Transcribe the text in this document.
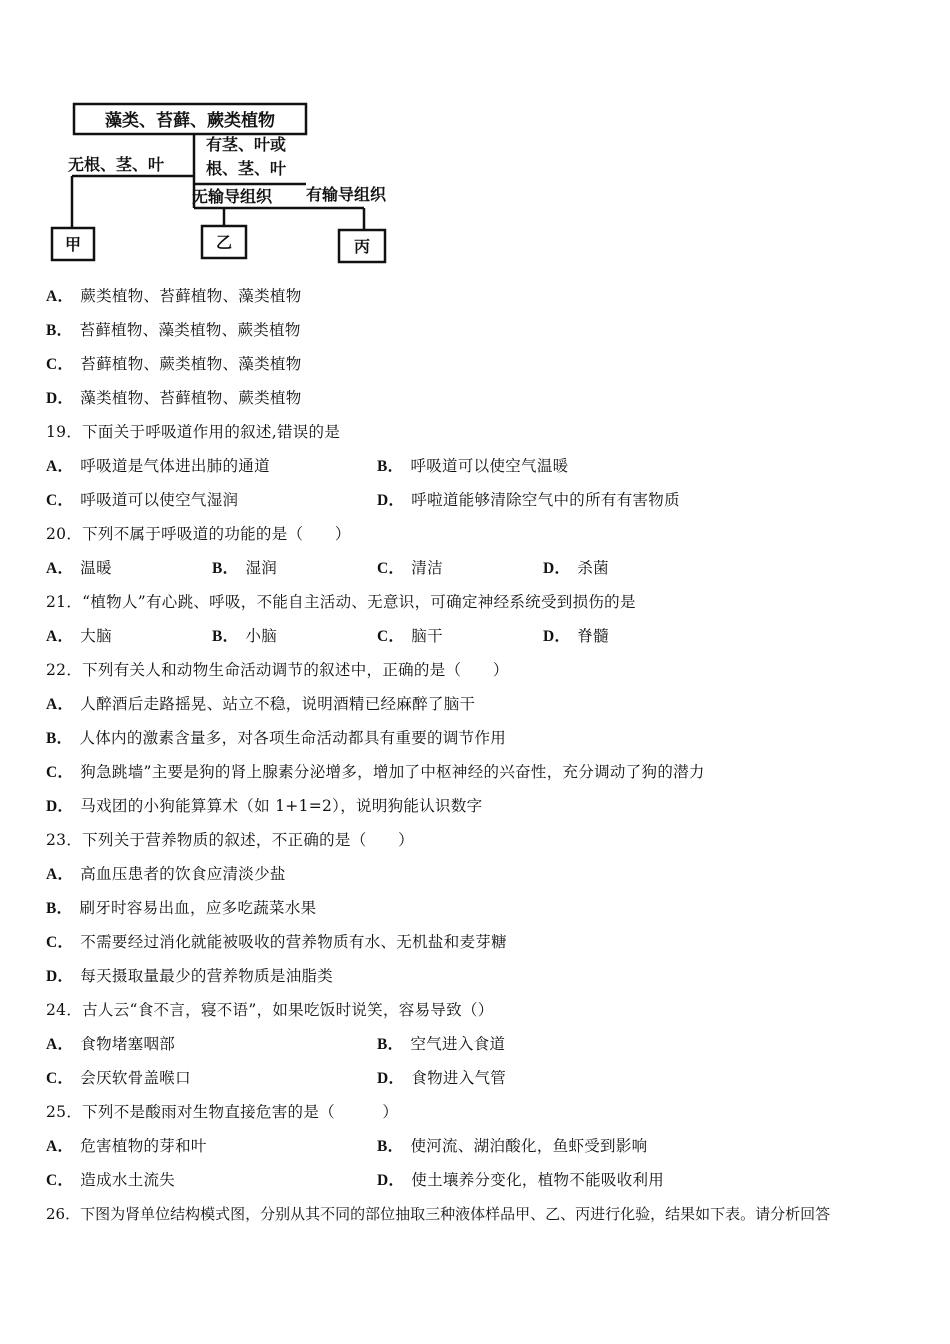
藻类、苔藓、蕨类植物
无根、茎、叶
有茎、叶或
根、茎、叶
无输导组织 有输导组织
甲	乙	丙
A． 蕨类植物、苔藓植物、藻类植物
B． 苔藓植物、藻类植物、蕨类植物
C． 苔藓植物、蕨类植物、藻类植物
D． 藻类植物、苔藓植物、蕨类植物
19．下面关于呼吸道作用的叙述,错误的是
A． 呼吸道是气体进出肺的通道	B． 呼吸道可以使空气温暖
C． 呼吸道可以使空气湿润	D． 呼啦道能够清除空气中的所有有害物质
20．下列不属于呼吸道的功能的是（　　）
A． 温暖	B． 湿润	C． 清洁	D． 杀菌
21．“植物人”有心跳、呼吸，不能自主活动、无意识，可确定神经系统受到损伤的是
A． 大脑	B． 小脑	C． 脑干	D． 脊髓
22．下列有关人和动物生命活动调节的叙述中，正确的是（　　）
A． 人醉酒后走路摇晃、站立不稳，说明酒精已经麻醉了脑干
B． 人体内的激素含量多，对各项生命活动都具有重要的调节作用
C． 狗急跳墙”主要是狗的肾上腺素分泌增多，增加了中枢神经的兴奋性，充分调动了狗的潜力
D． 马戏团的小狗能算算术（如 1+1=2），说明狗能认识数字
23．下列关于营养物质的叙述，不正确的是（　　）
A． 高血压患者的饮食应清淡少盐
B． 刷牙时容易出血，应多吃蔬菜水果
C． 不需要经过消化就能被吸收的营养物质有水、无机盐和麦芽糖
D． 每天摄取量最少的营养物质是油脂类
24．古人云“食不言，寝不语”，如果吃饭时说笑，容易导致（）
A． 食物堵塞咽部	B． 空气进入食道
C． 会厌软骨盖喉口	D． 食物进入气管
25．下列不是酸雨对生物直接危害的是（　　　）
A． 危害植物的芽和叶	B． 使河流、湖泊酸化，鱼虾受到影响
C． 造成水土流失	D． 使土壤养分变化，植物不能吸收利用
26．下图为肾单位结构模式图，分别从其不同的部位抽取三种液体样品甲、乙、丙进行化验，结果如下表。请分析回答
